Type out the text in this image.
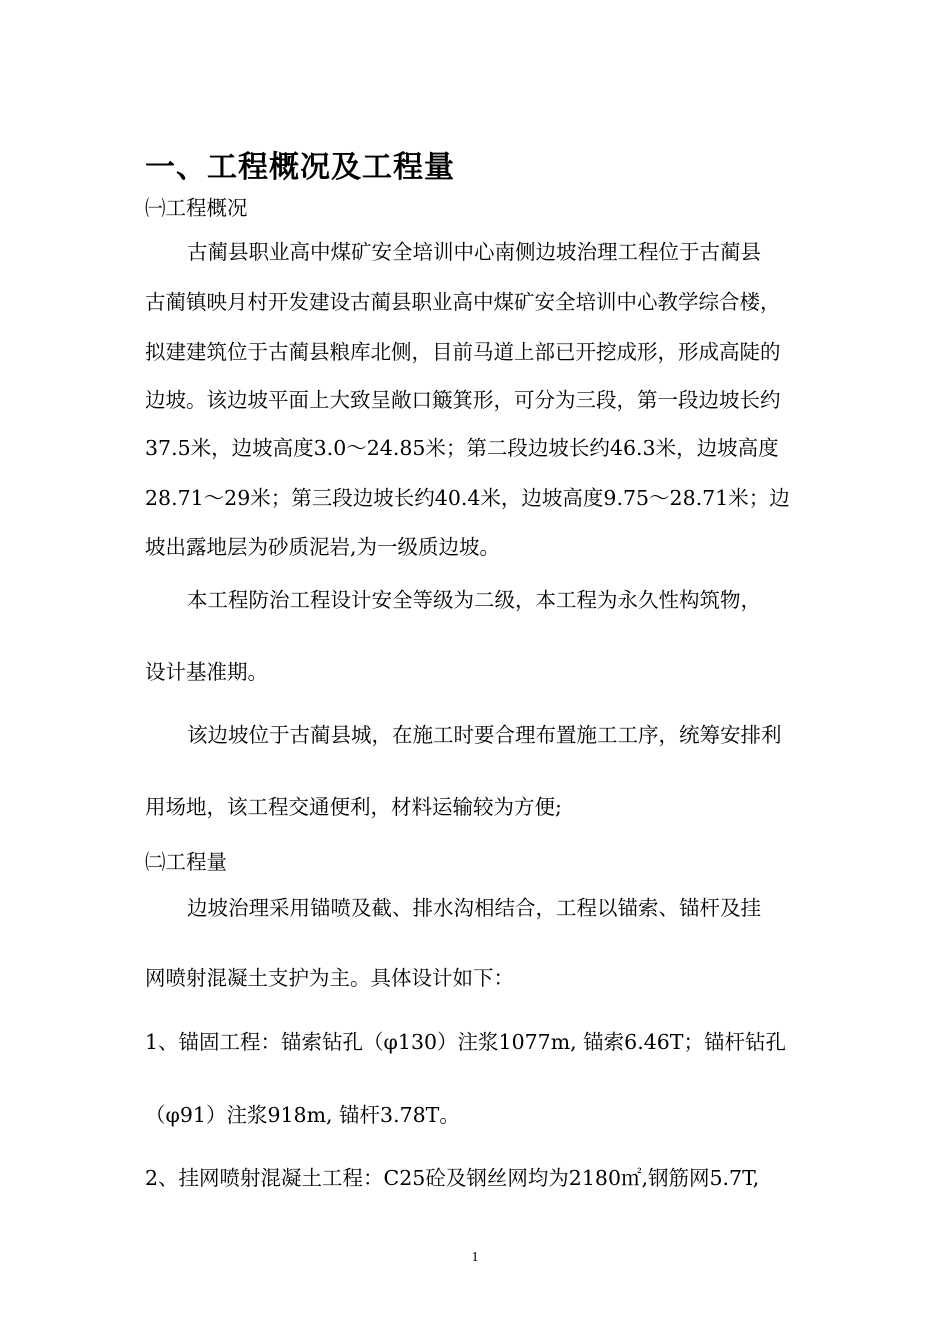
一、工程概况及工程量
㈠工程概况
古蔺县职业高中煤矿安全培训中心南侧边坡治理工程位于古蔺县
古蔺镇映月村开发建设古蔺县职业高中煤矿安全培训中心教学综合楼，
拟建建筑位于古蔺县粮库北侧，目前马道上部已开挖成形，形成高陡的
边坡。该边坡平面上大致呈敞口簸箕形，可分为三段，第一段边坡长约
37.5米，边坡高度3.0～24.85米；第二段边坡长约46.3米，边坡高度
28.71～29米；第三段边坡长约40.4米，边坡高度9.75～28.71米；边
坡出露地层为砂质泥岩,为一级质边坡。
本工程防治工程设计安全等级为二级，本工程为永久性构筑物，
设计基准期。
该边坡位于古蔺县城，在施工时要合理布置施工工序，统筹安排利
用场地，该工程交通便利，材料运输较为方便;
㈡工程量
边坡治理采用锚喷及截、排水沟相结合，工程以锚索、锚杆及挂
网喷射混凝土支护为主。具体设计如下：
1、锚固工程：锚索钻孔（φ130）注浆1077m, 锚索6.46T；锚杆钻孔
（φ91）注浆918m, 锚杆3.78T。
2、挂网喷射混凝土工程：C25砼及钢丝网均为2180㎡,钢筋网5.7T,
1
